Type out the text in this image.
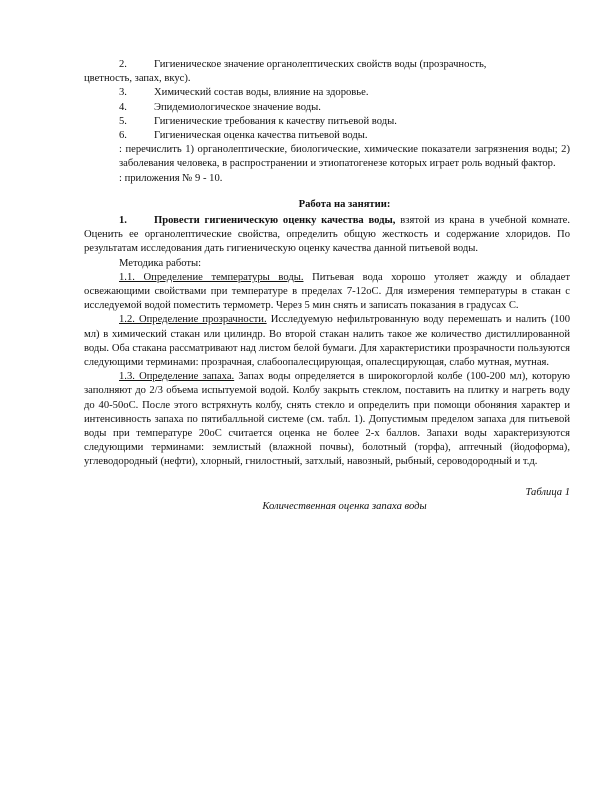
2.	Гигиеническое значение органолептических свойств воды (прозрачность,
цветность, запах, вкус).
3.	Химический состав воды, влияние на здоровье.
4.	Эпидемиологическое значение воды.
5.	Гигиенические требования к качеству питьевой воды.
6.	Гигиеническая оценка качества питьевой воды.

: перечислить 1) органолептические, биологические, химические показатели загрязнения воды; 2) заболевания человека, в распространении и этиопатогенезе которых играет роль водный фактор.

: приложения № 9 - 10.

Работа на занятии:

1.	Провести гигиеническую оценку качества воды, взятой из крана в учебной комнате. Оценить ее органолептические свойства, определить общую жесткость и содержание хлоридов. По результатам исследования дать гигиеническую оценку качества данной питьевой воды.

Методика работы:

1.1. Определение температуры воды. Питьевая вода хорошо утоляет жажду и обладает освежающими свойствами при температуре в пределах 7-12оС. Для измерения температуры в стакан с исследуемой водой поместить термометр. Через 5 мин снять и записать показания в градусах С.

1.2. Определение прозрачности. Исследуемую нефильтрованную воду перемешать и налить (100 мл) в химический стакан или цилиндр. Во второй стакан налить такое же количество дистиллированной воды. Оба стакана рассматривают над листом белой бумаги. Для характеристики прозрачности пользуются следующими терминами: прозрачная, слабоопалесцирующая, опалесцирующая, слабо мутная, мутная.

1.3. Определение запаха. Запах воды определяется в широкогорлой колбе (100-200 мл), которую заполняют до 2/3 объема испытуемой водой. Колбу закрыть стеклом, поставить на плитку и нагреть воду до 40-50оС. После этого встряхнуть колбу, снять стекло и определить при помощи обоняния характер и интенсивность запаха по пятибалльной системе (см. табл. 1). Допустимым пределом запаха для питьевой воды при температуре 20оС считается оценка не более 2-х баллов. Запахи воды характеризуются следующими терминами: землистый (влажной почвы), болотный (торфа), аптечный (йодоформа), углеводородный (нефти), хлорный, гнилостный, затхлый, навозный, рыбный, сероводородный и т.д.

Таблица 1
Количественная оценка запаха воды
